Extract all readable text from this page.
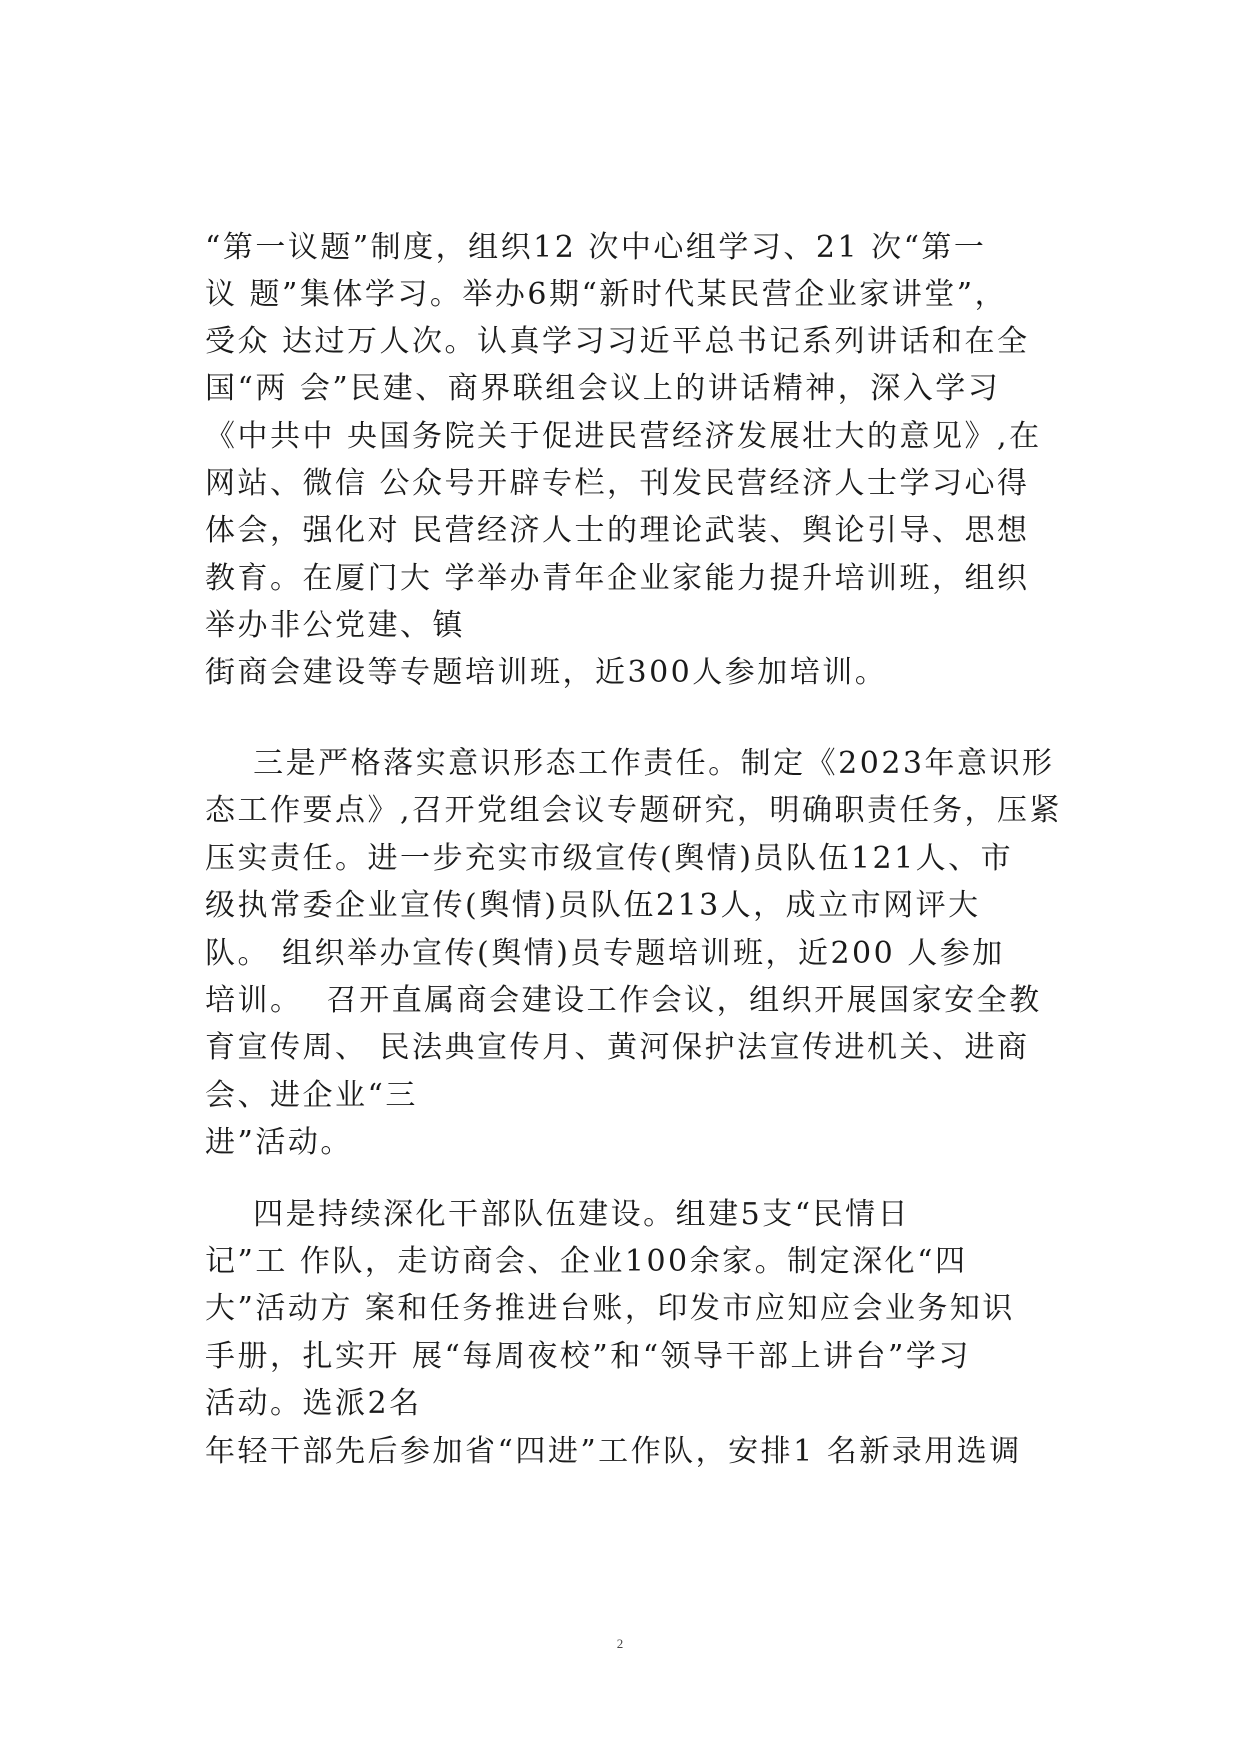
“第一议题”制度，组织12 次中心组学习、21 次“第一
议 题”集体学习。举办6期“新时代某民营企业家讲堂”，
受众 达过万人次。认真学习习近平总书记系列讲话和在全
国“两 会”民建、商界联组会议上的讲话精神，深入学习
《中共中 央国务院关于促进民营经济发展壮大的意见》,在
网站、微信 公众号开辟专栏，刊发民营经济人士学习心得
体会，强化对 民营经济人士的理论武装、舆论引导、思想
教育。在厦门大 学举办青年企业家能力提升培训班，组织
举办非公党建、镇
街商会建设等专题培训班，近300人参加培训。
三是严格落实意识形态工作责任。制定《2023年意识形
态工作要点》,召开党组会议专题研究，明确职责任务，压紧
压实责任。进一步充实市级宣传(舆情)员队伍121人、市
级执常委企业宣传(舆情)员队伍213人，成立市网评大
队。 组织举办宣传(舆情)员专题培训班，近200 人参加
培训。  召开直属商会建设工作会议，组织开展国家安全教
育宣传周、 民法典宣传月、黄河保护法宣传进机关、进商
会、进企业“三
进”活动。
四是持续深化干部队伍建设。组建5支“民情日
记”工 作队，走访商会、企业100余家。制定深化“四
大”活动方 案和任务推进台账，印发市应知应会业务知识
手册，扎实开 展“每周夜校”和“领导干部上讲台”学习
活动。选派2名
年轻干部先后参加省“四进”工作队，安排1 名新录用选调
2
